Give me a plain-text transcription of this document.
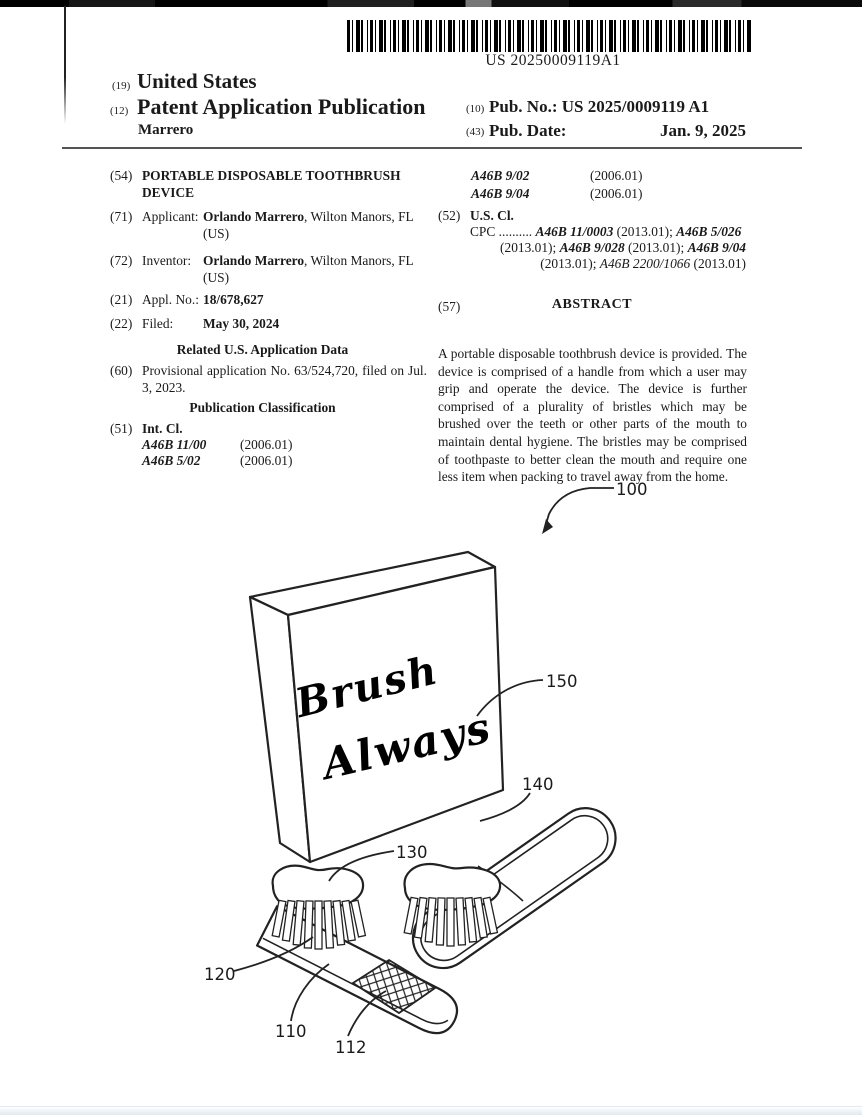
US 20250009119A1
(19) United States
(12) Patent Application Publication
Marrero
(10) Pub. No.: US 2025/0009119 A1
(43) Pub. Date:	Jan. 9, 2025
(54) PORTABLE DISPOSABLE TOOTHBRUSH DEVICE
(71) Applicant: Orlando Marrero, Wilton Manors, FL
(US)
(72) Inventor: Orlando Marrero, Wilton Manors, FL
(US)
(21) Appl. No.: 18/678,627
(22) Filed:	May 30, 2024
Related U.S. Application Data
(60) Provisional application No. 63/524,720, filed on Jul. 3, 2023.
Publication Classification
(51) Int. Cl.
A46B 11/00	(2006.01)
A46B 5/02	(2006.01)
A46B 9/02	(2006.01)
A46B 9/04	(2006.01)
(52) U.S. Cl.
CPC .......... A46B 11/0003 (2013.01); A46B 5/026
(2013.01); A46B 9/028 (2013.01); A46B 9/04
(2013.01); A46B 2200/1066 (2013.01)
(57)	ABSTRACT
A portable disposable toothbrush device is provided. The device is comprised of a handle from which a user may grip and operate the device. The device is further comprised of a plurality of bristles which may be brushed over the teeth or other parts of the mouth to maintain dental hygiene. The bristles may be comprised of toothpaste to better clean the mouth and require one less item when packing to travel away from the home.
100
Brush
Always
150
140
130
120
110
112
